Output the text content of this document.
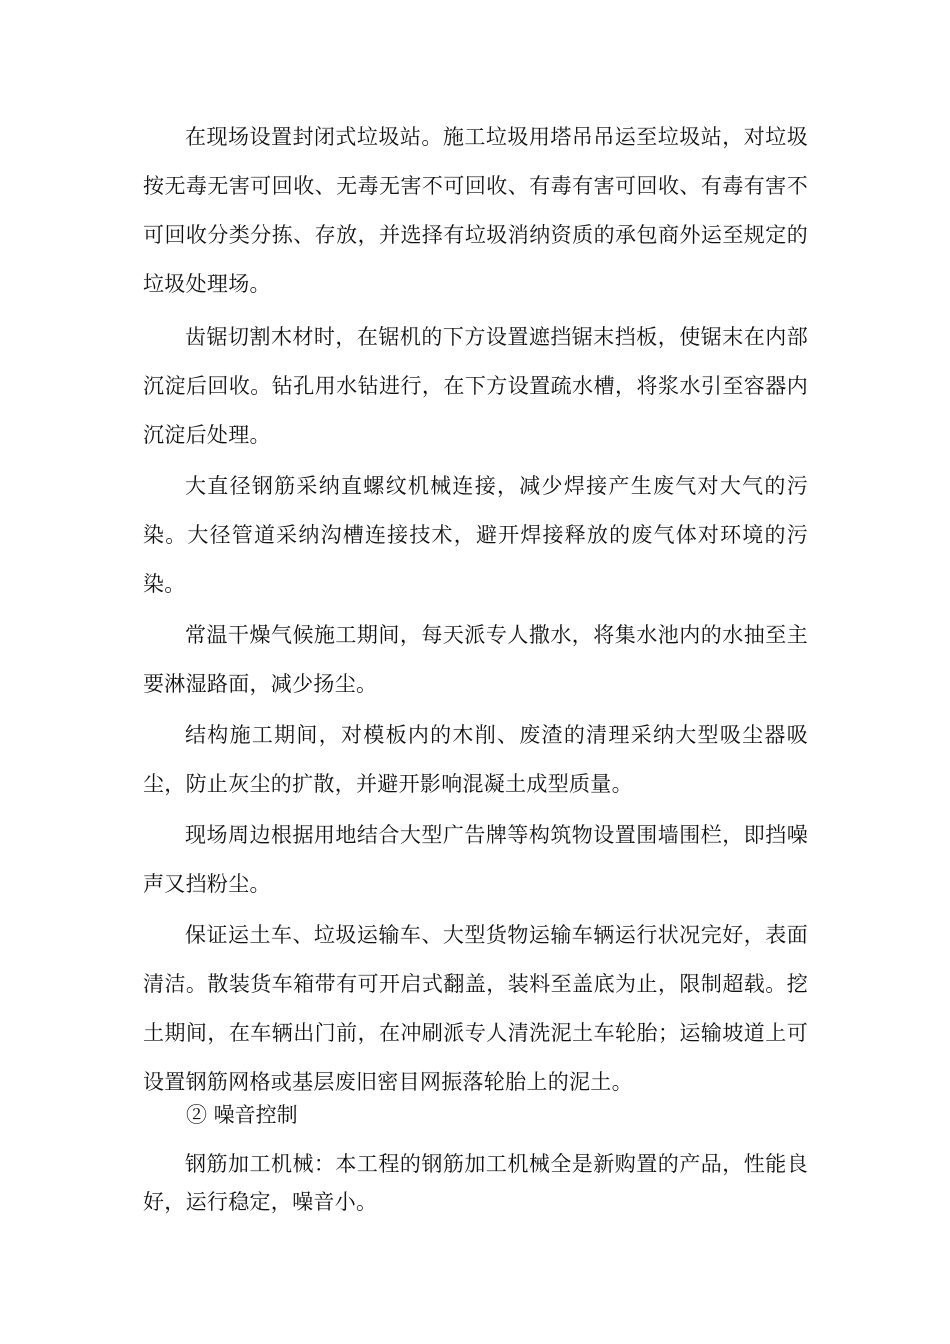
在现场设置封闭式垃圾站。施工垃圾用塔吊吊运至垃圾站，对垃圾按无毒无害可回收、无毒无害不可回收、有毒有害可回收、有毒有害不可回收分类分拣、存放，并选择有垃圾消纳资质的承包商外运至规定的垃圾处理场。

齿锯切割木材时，在锯机的下方设置遮挡锯末挡板，使锯末在内部沉淀后回收。钻孔用水钻进行，在下方设置疏水槽，将浆水引至容器内沉淀后处理。

大直径钢筋采纳直螺纹机械连接，减少焊接产生废气对大气的污染。大径管道采纳沟槽连接技术，避开焊接释放的废气体对环境的污染。

常温干燥气候施工期间，每天派专人撒水，将集水池内的水抽至主要淋湿路面，减少扬尘。

结构施工期间，对模板内的木削、废渣的清理采纳大型吸尘器吸尘，防止灰尘的扩散，并避开影响混凝土成型质量。

现场周边根据用地结合大型广告牌等构筑物设置围墙围栏，即挡噪声又挡粉尘。

保证运土车、垃圾运输车、大型货物运输车辆运行状况完好，表面清洁。散装货车箱带有可开启式翻盖，装料至盖底为止，限制超载。挖土期间，在车辆出门前，在冲刷派专人清洗泥土车轮胎；运输坡道上可设置钢筋网格或基层废旧密目网振落轮胎上的泥土。

② 噪音控制

钢筋加工机械：本工程的钢筋加工机械全是新购置的产品，性能良好，运行稳定，噪音小。
